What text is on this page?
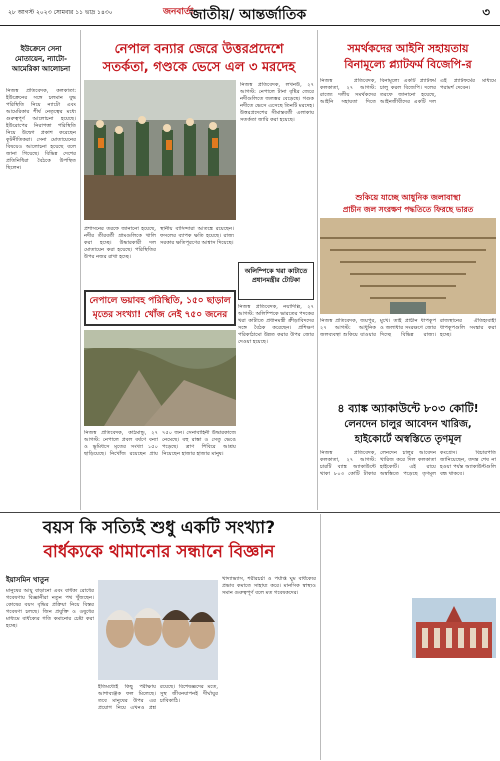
২৮ আগস্ট ২০২৩ সোমবার ১১ ভাদ্র ১৪৩০	জনবার্তা
জাতীয়/ আন্তর্জাতিক	৩
ইউক্রেনে সেনা মোতায়েন, ন্যাটো-আমেরিকা আলোচনা
নিজস্ব প্রতিবেদক, কলকাতা: ইউক্রেনের সঙ্গে চলমান যুদ্ধ পরিস্থিতি নিয়ে ন্যাটো এবং আমেরিকার শীর্ষ নেতৃত্বের মধ্যে গুরুত্বপূর্ণ আলোচনা হয়েছে। ইউরোপের নিরাপত্তা পরিস্থিতি নিয়ে উদ্বেগ প্রকাশ করেছেন কূটনীতিকরা। সেনা মোতায়েনের বিষয়েও আলোচনা হয়েছে বলে জানা গিয়েছে। বিভিন্ন দেশের প্রতিনিধিরা বৈঠকে উপস্থিত ছিলেন।
নেপাল বন্যার জেরে উত্তরপ্রদেশে
সতর্কতা, গণ্ডকে ভেসে এল ৩ মরদেহ
নিজস্ব প্রতিবেদক, লখনউ, ২৭ আগস্ট: নেপালে টানা বৃষ্টির জেরে নদীগুলিতে জলস্তর বেড়েছে। গণ্ডক নদীতে ভেসে এসেছে তিনটি মরদেহ। উত্তরপ্রদেশের সীমান্তবর্তী এলাকায় সতর্কতা জারি করা হয়েছে।
প্রশাসনের তরফে জানানো হয়েছে, নদীর তীরবর্তী গ্রামগুলিকে খালি করা হচ্ছে। উদ্ধারকারী দল মোতায়েন করা হয়েছে। পরিস্থিতির উপর নজর রাখা হচ্ছে।
স্থানীয় বাসিন্দারা আতঙ্কে রয়েছেন। ফসলের ব্যাপক ক্ষতি হয়েছে। রাজ্য সরকার ক্ষতিপূরণের আশ্বাস দিয়েছে।
অলিম্পিকে খরা কাটাতে প্রধানমন্ত্রীর টোটকা
নিজস্ব প্রতিবেদক, নয়াদিল্লি, ২৭ আগস্ট: অলিম্পিকে ভারতের পদকের খরা কাটাতে প্রধানমন্ত্রী ক্রীড়াবিদদের সঙ্গে বৈঠক করেছেন। প্রশিক্ষণ পরিকাঠামো উন্নত করার উপর জোর দেওয়া হয়েছে।
নেপালে ভয়াবহ পরিস্থিতি, ১৫০ ছাড়াল
মৃতের সংখ্যা! খোঁজ নেই ৭৫০ জনের
নিজস্ব প্রতিবেদক, কাঠমান্ডু, ২৭ আগস্ট: নেপালে প্রবল বর্ষণে বন্যা ও ভূমিধসে মৃতের সংখ্যা ১৫০ ছাড়িয়েছে। নিখোঁজ রয়েছেন প্রায় ৭৫০ জন। সেনাবাহিনী উদ্ধারকাজে নেমেছে। বহু রাস্তা ও সেতু ভেঙে পড়েছে। ত্রাণ শিবিরে আশ্রয় নিয়েছেন হাজার হাজার মানুষ।
সমর্থকদের আইনি সহায়তায়
বিনামূল্যে প্ল্যাটফর্ম বিজেপি-র
নিজস্ব প্রতিবেদক, কলকাতা, ২৭ আগস্ট: রাজ্যে দলীয় সমর্থকদের আইনি সহায়তা দিতে বিনামূল্যে একটি প্ল্যাটফর্ম চালু করল বিজেপি। দলের তরফে জানানো হয়েছে, আইনজীবীদের একটি দল এই প্ল্যাটফর্মের মাধ্যমে পরামর্শ দেবেন।
শুকিয়ে যাচ্ছে আধুনিক জলাবাস্থা
প্রাচীন জল সংরক্ষণ পদ্ধতিতে ফিরছে ভারত
নিজস্ব প্রতিবেদক, জয়পুর, ২৭ আগস্ট: আধুনিক জলব্যবস্থা শুকিয়ে যাওয়ার মুখে। তাই প্রাচীন ধাপকূপ ও জলাধার সংরক্ষণে জোর দিচ্ছে বিভিন্ন রাজ্য। রাজস্থানের ঐতিহ্যবাহী ধাপকূপগুলি সংস্কার করা হচ্ছে।
৪ ব্যাঙ্ক অ্যাকাউন্টে ৮০৩ কোটি!
লেনদেন চালুর আবেদন খারিজ,
হাইকোর্টে অস্বস্তিতে তৃণমূল
নিজস্ব প্রতিবেদক, কলকাতা, ২৭ আগস্ট: চারটি ব্যাঙ্ক অ্যাকাউন্টে থাকা ৮০৩ কোটি টাকার লেনদেন চালুর আবেদন খারিজ করে দিল কলকাতা হাইকোর্ট। এই রায়ে অস্বস্তিতে পড়েছে তৃণমূল কংগ্রেস। বিচারপতি জানিয়েছেন, তদন্ত শেষ না হওয়া পর্যন্ত অ্যাকাউন্টগুলি বন্ধ থাকবে।
বয়স কি সত্যিই শুধু একটি সংখ্যা?
বার্ধক্যকে থামানোর সন্ধানে বিজ্ঞান
ইয়াসমিন খাতুন
মানুষের আয়ু বাড়ানো এবং বার্ধক্য রোধের গবেষণায় বিজ্ঞানীরা নতুন পথ খুঁজছেন। কোষের বয়স বৃদ্ধির প্রক্রিয়া নিয়ে বিস্তর গবেষণা চলছে। জিন প্রযুক্তি ও ওষুধের মাধ্যমে বার্ধক্যের গতি কমানোর চেষ্টা করা হচ্ছে।
ইতিমধ্যেই কিছু পরীক্ষায় আশাব্যঞ্জক ফল মিলেছে। তবে মানুষের উপর এর প্রয়োগ নিয়ে এখনও প্রশ্ন রয়েছে। বিশেষজ্ঞদের মতে, সুস্থ জীবনযাপনই দীর্ঘায়ুর চাবিকাঠি।
খাদ্যাভ্যাস, শরীরচর্চা ও পর্যাপ্ত ঘুম বার্ধক্যের প্রভাব কমাতে সাহায্য করে। মানসিক স্বাস্থ্যও সমান গুরুত্বপূর্ণ বলে মত গবেষকদের।
